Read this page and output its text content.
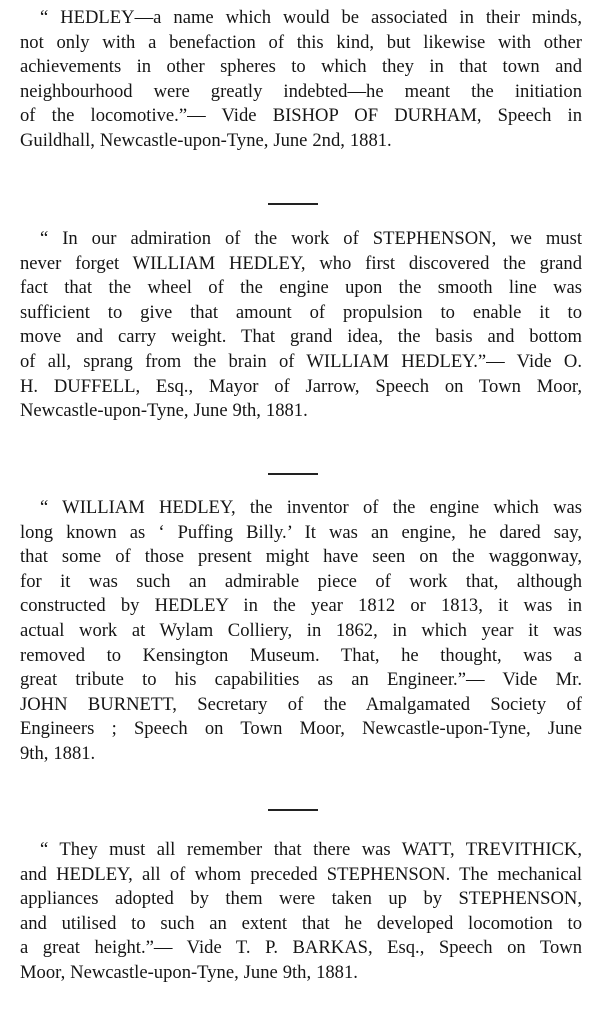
“ HEDLEY—a name which would be associated in their minds,
not only with a benefaction of this kind, but likewise with other
achievements in other spheres to which they in that town and
neighbourhood were greatly indebted—he meant the initiation
of the locomotive.”— Vide BISHOP OF DURHAM, Speech in
Guildhall, Newcastle-upon-Tyne, June 2nd, 1881.
“ In our admiration of the work of STEPHENSON, we must
never forget WILLIAM HEDLEY, who first discovered the grand
fact that the wheel of the engine upon the smooth line was
sufficient to give that amount of propulsion to enable it to
move and carry weight. That grand idea, the basis and bottom
of all, sprang from the brain of WILLIAM HEDLEY.”— Vide O.
H. DUFFELL, Esq., Mayor of Jarrow, Speech on Town Moor,
Newcastle-upon-Tyne, June 9th, 1881.
“ WILLIAM HEDLEY, the inventor of the engine which was
long known as ‘ Puffing Billy.’ It was an engine, he dared say,
that some of those present might have seen on the waggonway,
for it was such an admirable piece of work that, although
constructed by HEDLEY in the year 1812 or 1813, it was in
actual work at Wylam Colliery, in 1862, in which year it was
removed to Kensington Museum. That, he thought, was a
great tribute to his capabilities as an Engineer.”— Vide Mr.
JOHN BURNETT, Secretary of the Amalgamated Society of
Engineers ; Speech on Town Moor, Newcastle-upon-Tyne, June
9th, 1881.
“ They must all remember that there was WATT, TREVITHICK,
and HEDLEY, all of whom preceded STEPHENSON. The mechanical
appliances adopted by them were taken up by STEPHENSON,
and utilised to such an extent that he developed locomotion to
a great height.”— Vide T. P. BARKAS, Esq., Speech on Town
Moor, Newcastle-upon-Tyne, June 9th, 1881.
